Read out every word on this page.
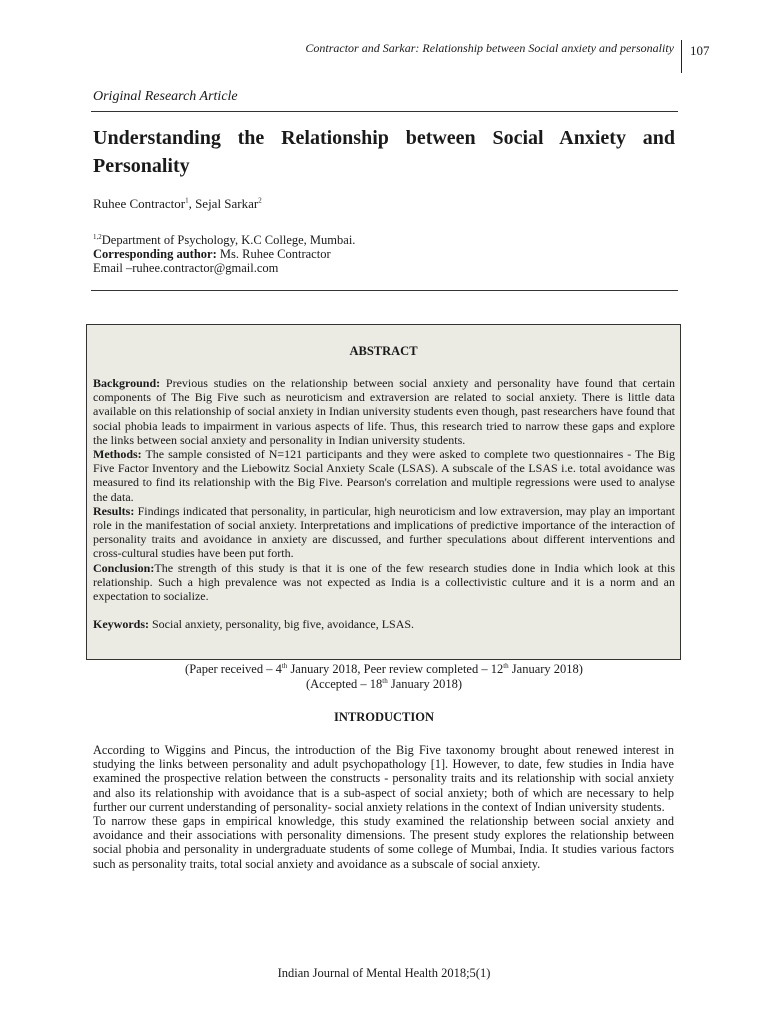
Contractor and Sarkar: Relationship between Social anxiety and personality 107
Original Research Article
Understanding the Relationship between Social Anxiety and Personality
Ruhee Contractor$^1$, Sejal Sarkar$^2$
$^{1,2}$Department of Psychology, K.C College, Mumbai.
Corresponding author: Ms. Ruhee Contractor
Email –ruhee.contractor@gmail.com
ABSTRACT

Background: Previous studies on the relationship between social anxiety and personality have found that certain components of The Big Five such as neuroticism and extraversion are related to social anxiety. There is little data available on this relationship of social anxiety in Indian university students even though, past researchers have found that social phobia leads to impairment in various aspects of life. Thus, this research tried to narrow these gaps and explore the links between social anxiety and personality in Indian university students.

Methods: The sample consisted of N=121 participants and they were asked to complete two questionnaires - The Big Five Factor Inventory and the Liebowitz Social Anxiety Scale (LSAS). A subscale of the LSAS i.e. total avoidance was measured to find its relationship with the Big Five. Pearson's correlation and multiple regressions were used to analyse the data.

Results: Findings indicated that personality, in particular, high neuroticism and low extraversion, may play an important role in the manifestation of social anxiety. Interpretations and implications of predictive importance of the interaction of personality traits and avoidance in anxiety are discussed, and further speculations about different interventions and cross-cultural studies have been put forth.

Conclusion:The strength of this study is that it is one of the few research studies done in India which look at this relationship. Such a high prevalence was not expected as India is a collectivistic culture and it is a norm and an expectation to socialize.

Keywords: Social anxiety, personality, big five, avoidance, LSAS.

(Paper received – 4th January 2018, Peer review completed – 12th January 2018)
(Accepted – 18th January 2018)
INTRODUCTION

According to Wiggins and Pincus, the introduction of the Big Five taxonomy brought about renewed interest in studying the links between personality and adult psychopathology [1]. However, to date, few studies in India have examined the prospective relation between the constructs - personality traits and its relationship with social anxiety and also its relationship with avoidance that is a sub-aspect of social anxiety; both of which are necessary to help further our current understanding of personality- social anxiety relations in the context of Indian university students.

To narrow these gaps in empirical knowledge, this study examined the relationship between social anxiety and avoidance and their associations with personality dimensions. The present study explores the relationship between social phobia and personality in undergraduate students of some college of Mumbai, India. It studies various factors such as personality traits, total social anxiety and avoidance as a subscale of social anxiety.

Indian Journal of Mental Health 2018;5(1)
